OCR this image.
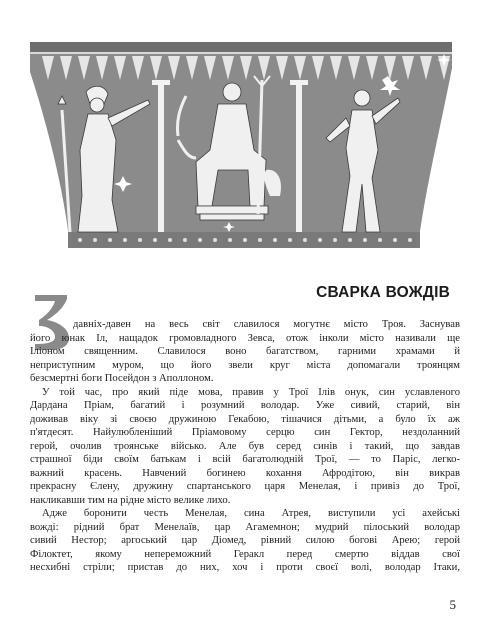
СВАРКА ВОЖДІВ
давніх-давен на весь світ славилося могутнє місто Троя. Заснував
його юнак Іл, нащадок громовладного Зевса, отож інколи місто називали ще
Іліоном священним. Славилося воно багатством, гарними храмами й
неприступним муром, що його звели круг міста допомагали троянцям
безсмертні боги Посейдон з Аполлоном.
У той час, про який піде мова, правив у Трої Ілів онук, син уславленого
Дардана Пріам, багатий і розумний володар. Уже сивий, старий, він
доживав віку зі своєю дружиною Гекабою, тішачися дітьми, а було їх аж
п'ятдесят. Найулюбленіший Пріамовому серцю син Гектор, нездоланний
герой, очолив троянське військо. Але був серед синів і такий, що завдав
страшної біди своїм батькам і всій багатолюдній Трої, — то Паріс, легко-
важний красень. Навчений богинею кохання Афродітою, він викрав
прекрасну Єлену, дружину спартанського царя Менелая, і привіз до Трої,
накликавши тим на рідне місто велике лихо.
Адже боронити честь Менелая, сина Атрея, виступили усі ахейські
вожді: рідний брат Менелаїв, цар Агамемнон; мудрий пілоський володар
сивий Нестор; аргоський цар Діомед, рівний силою богові Арею; герой
Філоктет, якому непереможний Геракл перед смертю віддав свої
несхибні стріли; пристав до них, хоч і проти своєї волі, володар Ітаки,
5
